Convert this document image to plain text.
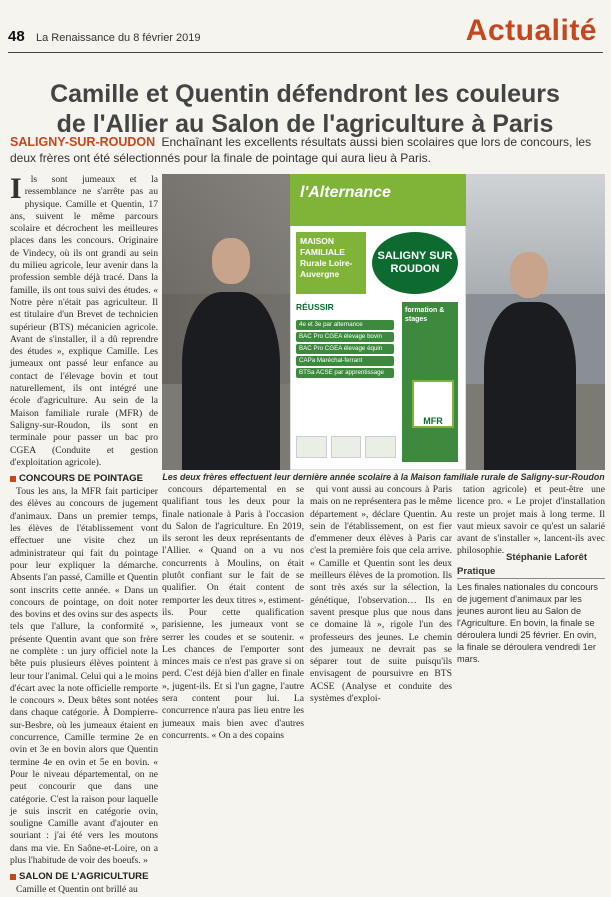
48 La Renaissance du 8 février 2019	Actualité
Camille et Quentin défendront les couleurs de l'Allier au Salon de l'agriculture à Paris
SALIGNY-SUR-ROUDON Enchaînant les excellents résultats aussi bien scolaires que lors de concours, les deux frères ont été sélectionnés pour la finale de pointage qui aura lieu à Paris.
I ls sont jumeaux et la ressemblance ne s'arrête pas au physique. Camille et Quentin, 17 ans, suivent le même parcours scolaire et décrochent les meilleures places dans les concours. Originaire de Vindecy, où ils ont grandi au sein du milieu agricole, leur avenir dans la profession semble déjà tracé. Dans la famille, ils ont tous suivi des études. « Notre père n'était pas agriculteur. Il est titulaire d'un Brevet de technicien supérieur (BTS) mécanicien agricole. Avant de s'installer, il a dû reprendre des études », explique Camille. Les jumeaux ont passé leur enfance au contact de l'élevage bovin et tout naturellement, ils ont intégré une école d'agriculture. Au sein de la Maison familiale rurale (MFR) de Saligny-sur-Roudon, ils sont en terminale pour passer un bac pro CGEA (Conduite et gestion d'exploitation agricole).

CONCOURS DE POINTAGE

Tous les ans, la MFR fait participer des élèves au concours de jugement d'animaux. Dans un premier temps, les élèves de l'établissement vont effectuer une visite chez un administrateur qui fait du pointage pour leur expliquer la démarche. Absents l'an passé, Camille et Quentin sont inscrits cette année. « Dans un concours de pointage, on doit noter des bovins et des ovins sur des aspects tels que l'allure, la conformité », présente Quentin avant que son frère ne complète : un jury officiel note la bête puis plusieurs élèves pointent à leur tour l'animal. Celui qui a le moins d'écart avec la note officielle remporte le concours ». Deux bêtes sont notées dans chaque catégorie. À Dompierre-sur-Besbre, où les jumeaux étaient en concurrence, Camille termine 2e en ovin et 3e en bovin alors que Quentin termine 4e en ovin et 5e en bovin. « Pour le niveau départemental, on ne peut concourir que dans une catégorie. C'est la raison pour laquelle je suis inscrit en catégorie ovin, souligne Camille avant d'ajouter en souriant : j'ai été vers les moutons dans ma vie. En Saône-et-Loire, on a plus l'habitude de voir des boeufs. »

SALON DE L'AGRICULTURE

Camille et Quentin ont brillé au

l'Alternance
MAISON FAMILIALE Rurale Loire-Auvergne
SALIGNY SUR ROUDON
RÉUSSIR
4e et 3e par alternance
BAC Pro CGEA élevage bovin
BAC Pro CGEA élevage équin
CAPa Maréchal-ferrant
BTSa ACSE par apprentissage
formation & stages
MFR
Les deux frères effectuent leur dernière année scolaire à la Maison familiale rurale de Saligny-sur-Roudon

concours départemental en se qualifiant tous les deux pour la finale nationale à Paris à l'occasion du Salon de l'agriculture. En 2019, ils seront les deux représentants de l'Allier. « Quand on a vu nos concurrents à Moulins, on était plutôt confiant sur le fait de se qualifier. On était content de remporter les deux titres », estiment-ils. Pour cette qualification parisienne, les jumeaux vont se serrer les coudes et se soutenir. « Les chances de l'emporter sont minces mais ce n'est pas grave si on perd. C'est déjà bien d'aller en finale », jugent-ils. Et si l'un gagne, l'autre sera content pour lui. La concurrence n'aura pas lieu entre les jumeaux mais bien avec d'autres concurrents. « On a des copains

qui vont aussi au concours à Paris mais on ne représentera pas le même département », déclare Quentin. Au sein de l'établissement, on est fier d'emmener deux élèves à Paris car c'est la première fois que cela arrive. « Camille et Quentin sont les deux meilleurs élèves de la promotion. Ils sont très axés sur la sélection, la génétique, l'observation… Ils en savent presque plus que nous dans ce domaine là », rigole l'un des professeurs des jeunes. Le chemin des jumeaux ne devrait pas se séparer tout de suite puisqu'ils envisagent de poursuivre en BTS ACSE (Analyse et conduite des systèmes d'exploi-

tation agricole) et peut-être une licence pro. « Le projet d'installation reste un projet mais à long terme. Il vaut mieux savoir ce qu'est un salarié avant de s'installer », lancent-ils avec philosophie.

Stéphanie Laforêt
Pratique
Les finales nationales du concours de jugement d'animaux par les jeunes auront lieu au Salon de l'Agriculture. En bovin, la finale se déroulera lundi 25 février. En ovin, la finale se déroulera vendredi 1er mars.
